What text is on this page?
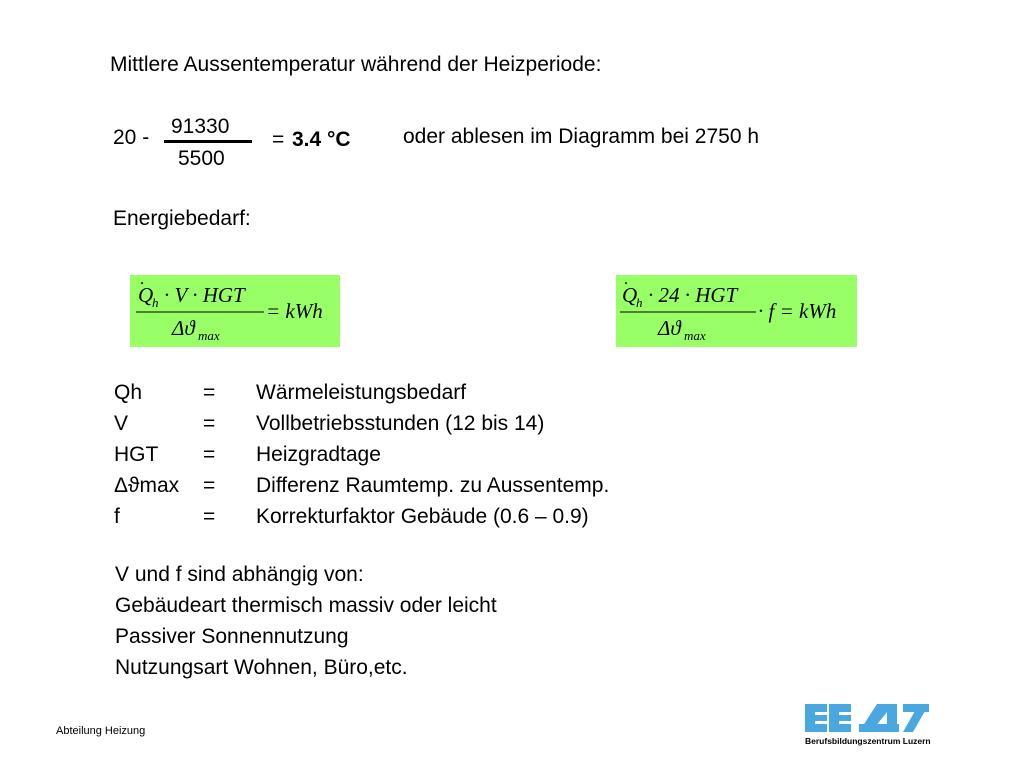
Mittlere Aussentemperatur während der Heizperiode:
20 - 91330
5500
= 3.4 °C oder ablesen im Diagramm bei 2750 h
Energiebedarf:
Q
.
h · V · HGT
Δϑ max
= kWh
Q
.
h · 24 · HGT
Δϑ max
· f = kWh
Qh	= Wärmeleistungsbedarf
V	= Vollbetriebsstunden (12 bis 14)
HGT = Heizgradtage
Δϑmax = Differenz Raumtemp. zu Aussentemp.
f	= Korrekturfaktor Gebäude (0.6 – 0.9)
V und f sind abhängig von:
Gebäudeart thermisch massiv oder leicht
Passiver Sonnennutzung
Nutzungsart Wohnen, Büro,etc.
Abteilung Heizung
Berufsbildungszentrum Luzern
